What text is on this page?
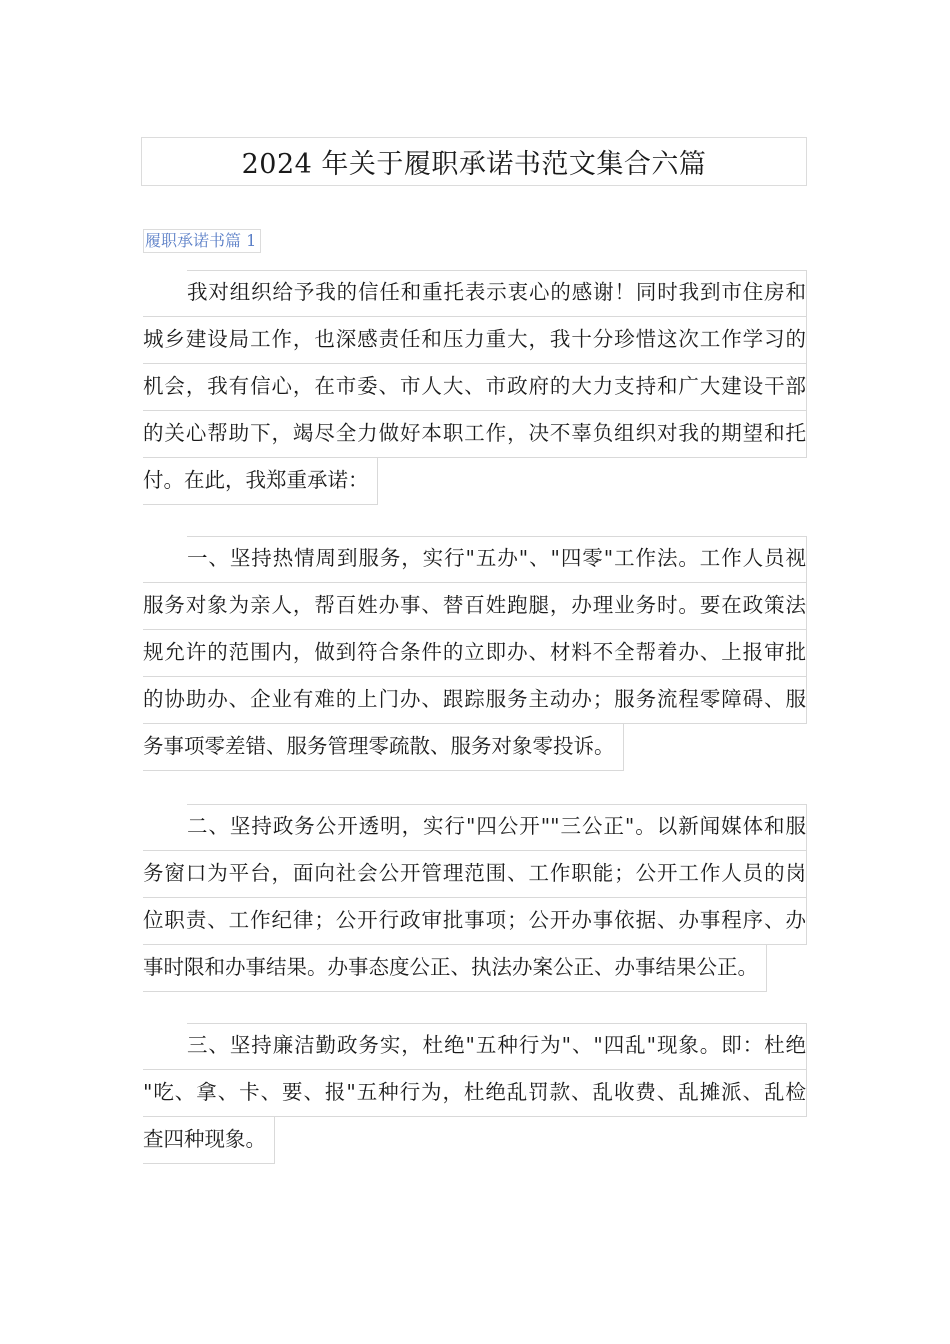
2024 年关于履职承诺书范文集合六篇
履职承诺书篇 1
我对组织给予我的信任和重托表示衷心的感谢！同时我到市住房和
城乡建设局工作，也深感责任和压力重大，我十分珍惜这次工作学习的
机会，我有信心，在市委、市人大、市政府的大力支持和广大建设干部
的关心帮助下，竭尽全力做好本职工作，决不辜负组织对我的期望和托
付。在此，我郑重承诺：
一、坚持热情周到服务，实行"五办"、"四零"工作法。工作人员视
服务对象为亲人，帮百姓办事、替百姓跑腿，办理业务时。要在政策法
规允许的范围内，做到符合条件的立即办、材料不全帮着办、上报审批
的协助办、企业有难的上门办、跟踪服务主动办；服务流程零障碍、服
务事项零差错、服务管理零疏散、服务对象零投诉。
二、坚持政务公开透明，实行"四公开""三公正"。以新闻媒体和服
务窗口为平台，面向社会公开管理范围、工作职能；公开工作人员的岗
位职责、工作纪律；公开行政审批事项；公开办事依据、办事程序、办
事时限和办事结果。办事态度公正、执法办案公正、办事结果公正。
三、坚持廉洁勤政务实，杜绝"五种行为"、"四乱"现象。即：杜绝
"吃、拿、卡、要、报"五种行为，杜绝乱罚款、乱收费、乱摊派、乱检
查四种现象。
